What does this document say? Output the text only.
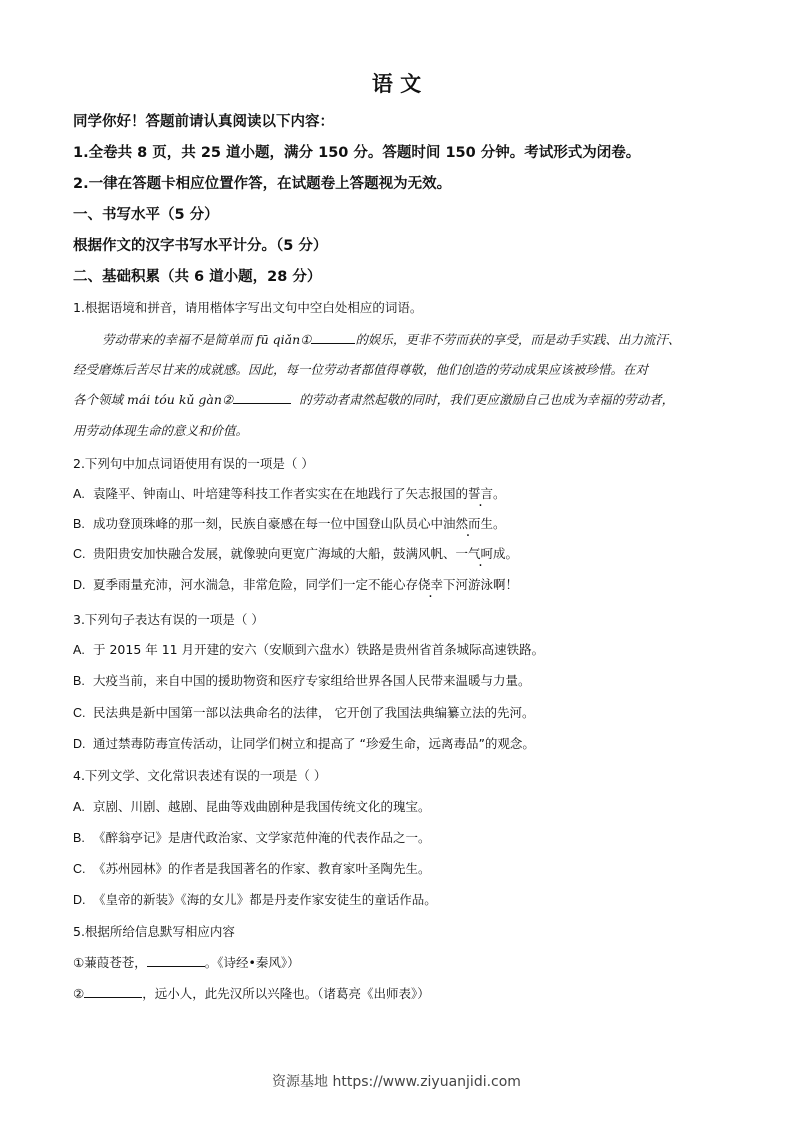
语 文
同学你好！答题前请认真阅读以下内容：
1.全卷共 8 页，共 25 道小题，满分 150 分。答题时间 150 分钟。考试形式为闭卷。
2.一律在答题卡相应位置作答，在试题卷上答题视为无效。
一、书写水平（5 分）
根据作文的汉字书写水平计分。（5 分）
二、基础积累（共 6 道小题，28 分）
1.根据语境和拼音，请用楷体字写出文句中空白处相应的词语。
劳动带来的幸福不是简单而 fū qiǎn①	的娱乐，更非不劳而获的享受，而是动手实践、出力流汗、
经受磨炼后苦尽甘来的成就感。因此，每一位劳动者都值得尊敬，他们创造的劳动成果应该被珍惜。在对
各个领域 mái tóu kǔ gàn②	的劳动者肃然起敬的同时，我们更应激励自己也成为幸福的劳动者，
用劳动体现生命的意义和价值。
2.下列句中加点词语使用有误的一项是（ ）
A. 袁隆平、钟南山、叶培建等科技工作者实实在在地践行了矢志报国的誓言。
B. 成功登顶珠峰的那一刻，民族自豪感在每一位中国登山队员心中油然而生。
C. 贵阳贵安加快融合发展，就像驶向更宽广海域的大船，鼓满风帆、一气呵成。
D. 夏季雨量充沛，河水湍急，非常危险，同学们一定不能心存侥幸下河游泳啊！
3.下列句子表达有误的一项是（ ）
A. 于 2015 年 11 月开建的安六（安顺到六盘水）铁路是贵州省首条城际高速铁路。
B. 大疫当前，来自中国的援助物资和医疗专家组给世界各国人民带来温暖与力量。
C. 民法典是新中国第一部以法典命名的法律， 它开创了我国法典编纂立法的先河。
D. 通过禁毒防毒宣传活动，让同学们树立和提高了 “珍爱生命，远离毒品”的观念。
4.下列文学、文化常识表述有误的一项是（ ）
A. 京剧、川剧、越剧、昆曲等戏曲剧种是我国传统文化的瑰宝。
B. 《醉翁亭记》是唐代政治家、文学家范仲淹的代表作品之一。
C. 《苏州园林》的作者是我国著名的作家、教育家叶圣陶先生。
D. 《皇帝的新装》《海的女儿》都是丹麦作家安徒生的童话作品。
5.根据所给信息默写相应内容
①蒹葭苍苍，	。《诗经•秦风》）
②	，远小人，此先汉所以兴隆也。（诸葛亮《出师表》）
资源基地 https://www.ziyuanjidi.com
